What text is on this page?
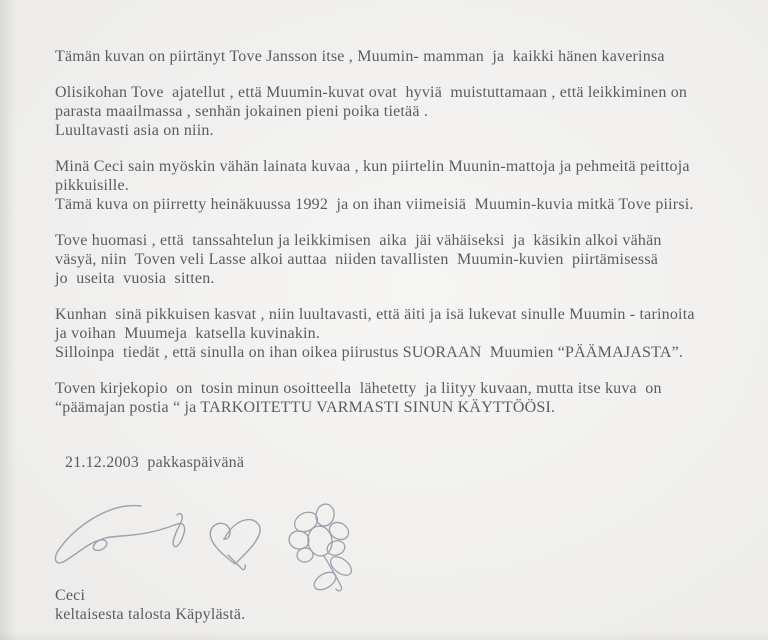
Tämän kuvan on piirtänyt Tove Jansson itse , Muumin- mamman  ja  kaikki hänen kaverinsa
Olisikohan Tove  ajatellut , että Muumin-kuvat ovat  hyviä  muistuttamaan , että leikkiminen on
parasta maailmassa , senhän jokainen pieni poika tietää .
Luultavasti asia on niin.
Minä Ceci sain myöskin vähän lainata kuvaa , kun piirtelin Muunin-mattoja ja pehmeitä peittoja
pikkuisille.
Tämä kuva on piirretty heinäkuussa 1992  ja on ihan viimeisiä  Muumin-kuvia mitkä Tove piirsi.
Tove huomasi , että  tanssahtelun ja leikkimisen  aika  jäi vähäiseksi  ja  käsikin alkoi vähän
väsyä, niin  Toven veli Lasse alkoi auttaa  niiden tavallisten  Muumin-kuvien  piirtämisessä
jo  useita  vuosia  sitten.
Kunhan  sinä pikkuisen kasvat , niin luultavasti, että äiti ja isä lukevat sinulle Muumin - tarinoita
ja voihan  Muumeja  katsella kuvinakin.
Silloinpa  tiedät , että sinulla on ihan oikea piirustus SUORAAN  Muumien “PÄÄMAJASTA”.
Toven kirjekopio  on  tosin minun osoitteella  lähetetty  ja liityy kuvaan, mutta itse kuva  on
“päämajan postia “ ja TARKOITETTU VARMASTI SINUN KÄYTTÖÖSI.
21.12.2003  pakkaspäivänä
Ceci
keltaisesta talosta Käpylästä.
